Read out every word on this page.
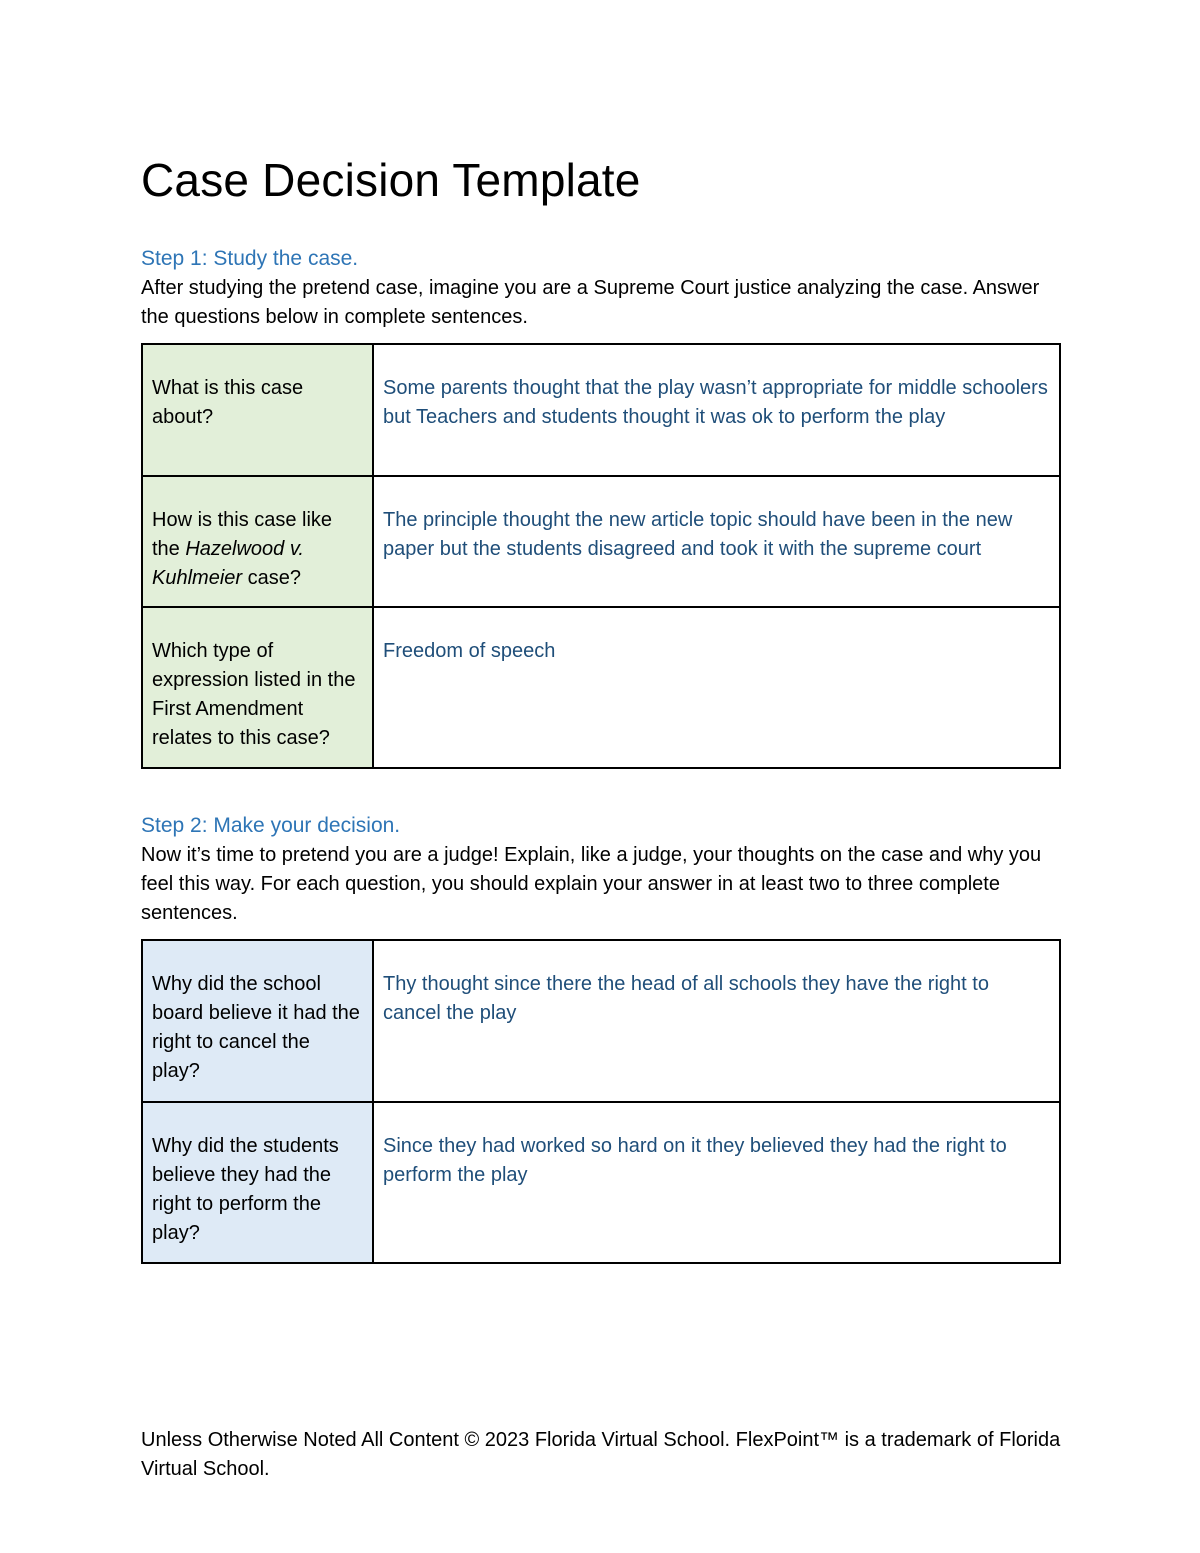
Case Decision Template

Step 1: Study the case.

After studying the pretend case, imagine you are a Supreme Court justice analyzing the case. Answer the questions below in complete sentences.

What is this case about?	Some parents thought that the play wasn’t appropriate for middle schoolers but Teachers and students thought it was ok to perform the play
How is this case like the Hazelwood v. Kuhlmeier case?	The principle thought the new article topic should have been in the new paper but the students disagreed and took it with the supreme court
Which type of expression listed in the First Amendment relates to this case?	Freedom of speech

Step 2: Make your decision.

Now it’s time to pretend you are a judge! Explain, like a judge, your thoughts on the case and why you feel this way. For each question, you should explain your answer in at least two to three complete sentences.

Why did the school board believe it had the right to cancel the play?	Thy thought since there the head of all schools they have the right to cancel the play
Why did the students believe they had the right to perform the play?	Since they had worked so hard on it they believed they had the right to perform the play

Unless Otherwise Noted All Content © 2023 Florida Virtual School. FlexPoint™ is a trademark of Florida Virtual School.
